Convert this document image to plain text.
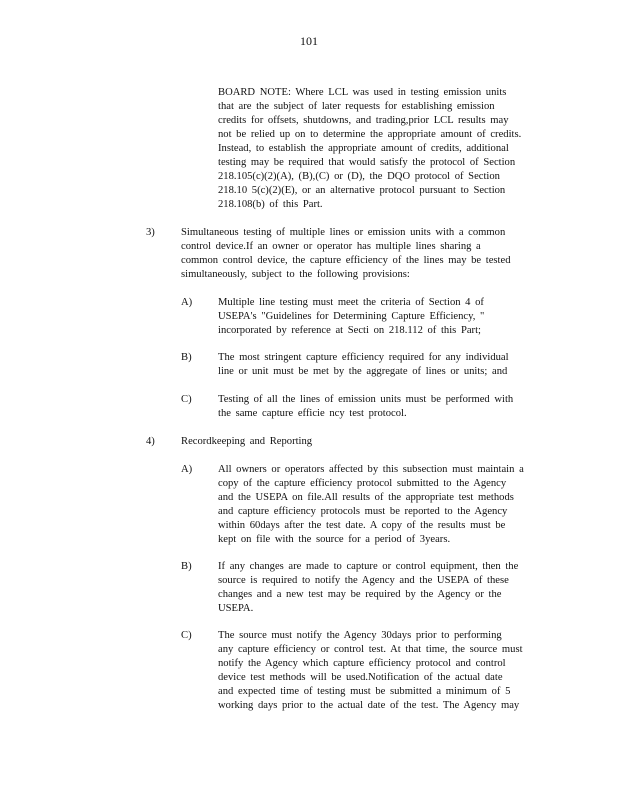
101
BOARD NOTE: Where LCL was used in testing emission units
that are the subject of later requests for establishing emission
credits for offsets, shutdowns, and trading,prior LCL results may
not be relied up on to determine the appropriate amount of credits.
Instead, to establish the appropriate amount of credits, additional
testing may be required that would satisfy the protocol of Section
218.105(c)(2)(A), (B),(C) or (D), the DQO protocol of Section
218.10 5(c)(2)(E), or an alternative protocol pursuant to Section
218.108(b) of this Part.
3) Simultaneous testing of multiple lines or emission units with a common
control device.If an owner or operator has multiple lines sharing a
common control device, the capture efficiency of the lines may be tested
simultaneously, subject to the following provisions:
A) Multiple line testing must meet the criteria of Section 4 of
USEPA's "Guidelines for Determining Capture Efficiency, "
incorporated by reference at Secti on 218.112 of this Part;
B) The most stringent capture efficiency required for any individual
line or unit must be met by the aggregate of lines or units; and
C) Testing of all the lines of emission units must be performed with
the same capture efficie ncy test protocol.
4) Recordkeeping and Reporting
A) All owners or operators affected by this subsection must maintain a
copy of the capture efficiency protocol submitted to the Agency
and the USEPA on file.All results of the appropriate test methods
and capture efficiency protocols must be reported to the Agency
within 60days after the test date. A copy of the results must be
kept on file with the source for a period of 3years.
B) If any changes are made to capture or control equipment, then the
source is required to notify the Agency and the USEPA of these
changes and a new test may be required by the Agency or the
USEPA.
C) The source must notify the Agency 30days prior to performing
any capture efficiency or control test. At that time, the source must
notify the Agency which capture efficiency protocol and control
device test methods will be used.Notification of the actual date
and expected time of testing must be submitted a minimum of 5
working days prior to the actual date of the test. The Agency may
